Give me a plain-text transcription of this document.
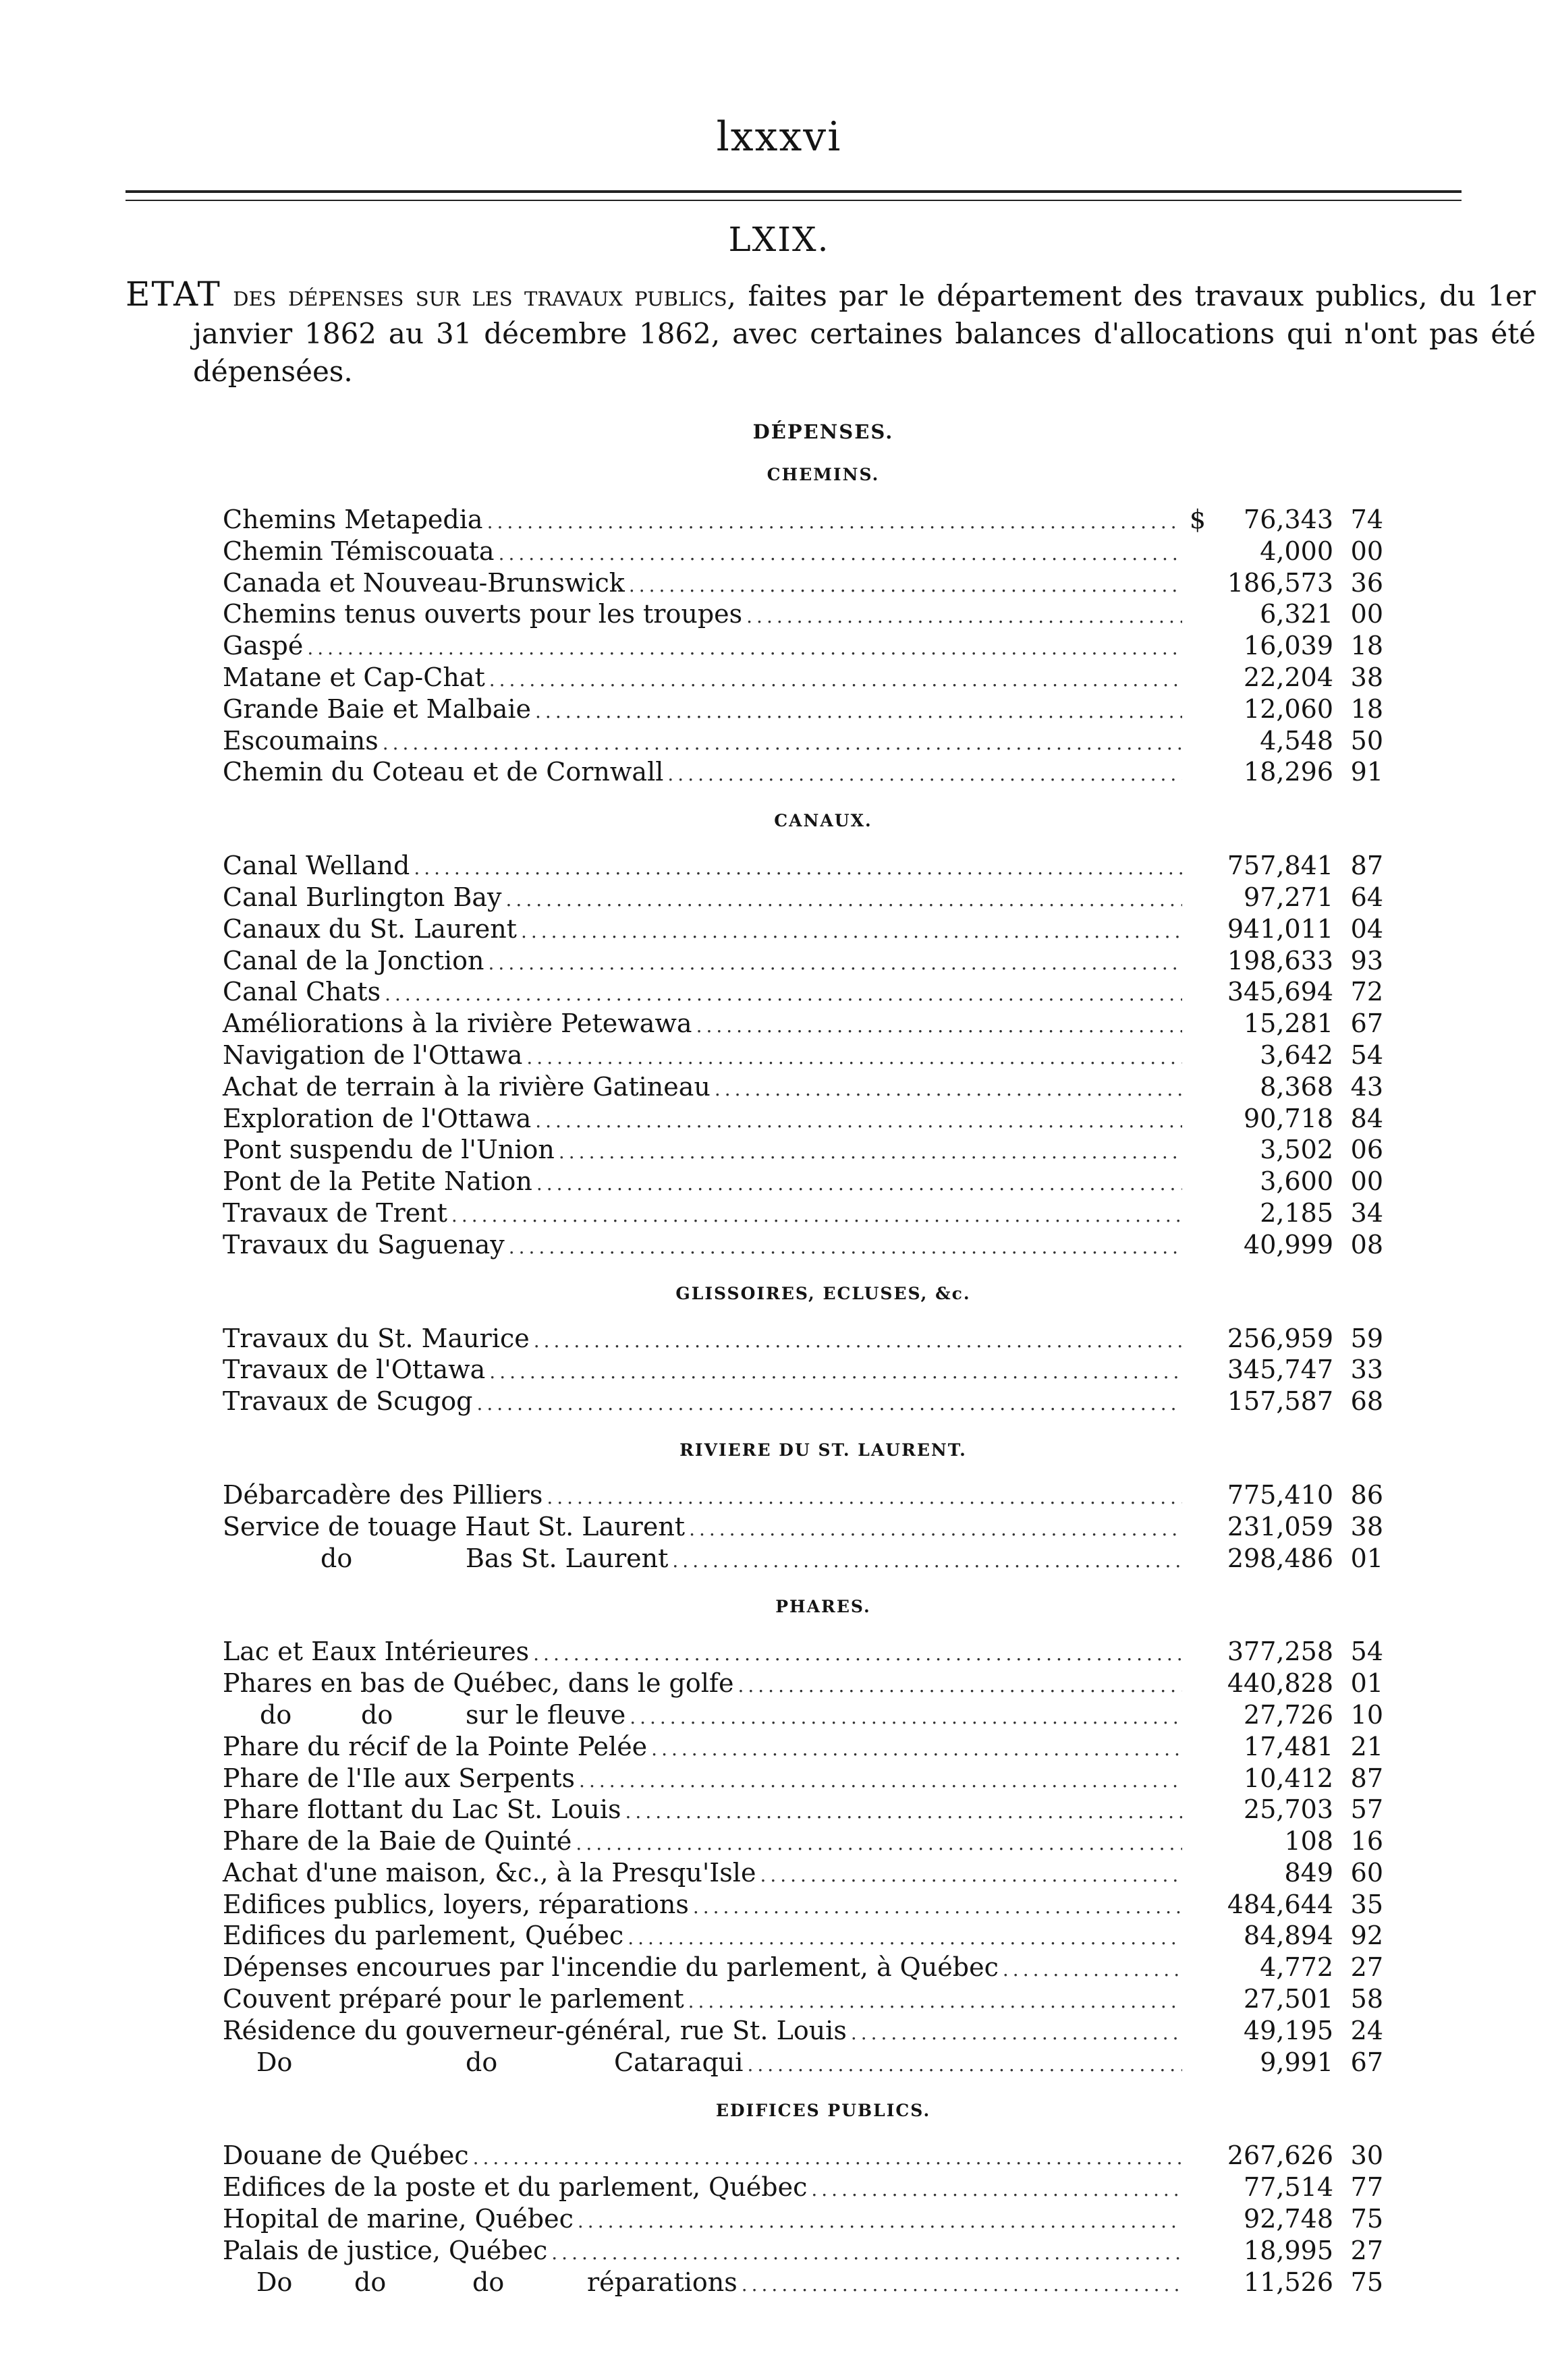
lxxxvi
LXIX.
ETAT des dépenses sur les travaux publics, faites par le département des travaux publics, du 1er janvier 1862 au 31 décembre 1862, avec certaines balances d'allocations qui n'ont pas été dépensées.
DÉPENSES.
CHEMINS.
Chemins Metapedia .....	$	76,343 74
Chemin Témiscouata .....	4,000 00
Canada et Nouveau-Brunswick .....	186,573 36
Chemins tenus ouverts pour les troupes .....	6,321 00
Gaspé .....	16,039 18
Matane et Cap-Chat .....	22,204 38
Grande Baie et Malbaie .....	12,060 18
Escoumains .....	4,548 50
Chemin du Coteau et de Cornwall .....	18,296 91
CANAUX.
Canal Welland .....	757,841 87
Canal Burlington Bay .....	97,271 64
Canaux du St. Laurent .....	941,011 04
Canal de la Jonction .....	198,633 93
Canal Chats .....	345,694 72
Améliorations à la rivière Petewawa .....	15,281 67
Navigation de l'Ottawa .....	3,642 54
Achat de terrain à la rivière Gatineau .....	8,368 43
Exploration de l'Ottawa .....	90,718 84
Pont suspendu de l'Union .....	3,502 06
Pont de la Petite Nation .....	3,600 00
Travaux de Trent .....	2,185 34
Travaux du Saguenay .....	40,999 08
GLISSOIRES, ECLUSES, &c.
Travaux du St. Maurice .....	256,959 59
Travaux de l'Ottawa .....	345,747 33
Travaux de Scugog .....	157,587 68
RIVIERE DU ST. LAURENT.
Débarcadère des Pilliers .....	775,410 86
Service de touage Haut St. Laurent .....	231,059 38
do	Bas St. Laurent .....	298,486 01
PHARES.
Lac et Eaux Intérieures .....	377,258 54
Phares en bas de Québec, dans le golfe .....	440,828 01
do	do	sur le fleuve .....	27,726 10
Phare du récif de la Pointe Pelée .....	17,481 21
Phare de l'Ile aux Serpents .....	10,412 87
Phare flottant du Lac St. Louis .....	25,703 57
Phare de la Baie de Quinté .....	108 16
Achat d'une maison, &c., à la Presqu'Isle .....	849 60
Edifices publics, loyers, réparations .....	484,644 35
Edifices du parlement, Québec .....	84,894 92
Dépenses encourues par l'incendie du parlement, à Québec .....	4,772 27
Couvent préparé pour le parlement .....	27,501 58
Résidence du gouverneur-général, rue St. Louis .....	49,195 24
Do	do	Cataraqui .....	9,991 67
EDIFICES PUBLICS.
Douane de Québec .....	267,626 30
Edifices de la poste et du parlement, Québec .....	77,514 77
Hopital de marine, Québec .....	92,748 75
Palais de justice, Québec .....	18,995 27
Do	do	do	réparations .....	11,526 75
